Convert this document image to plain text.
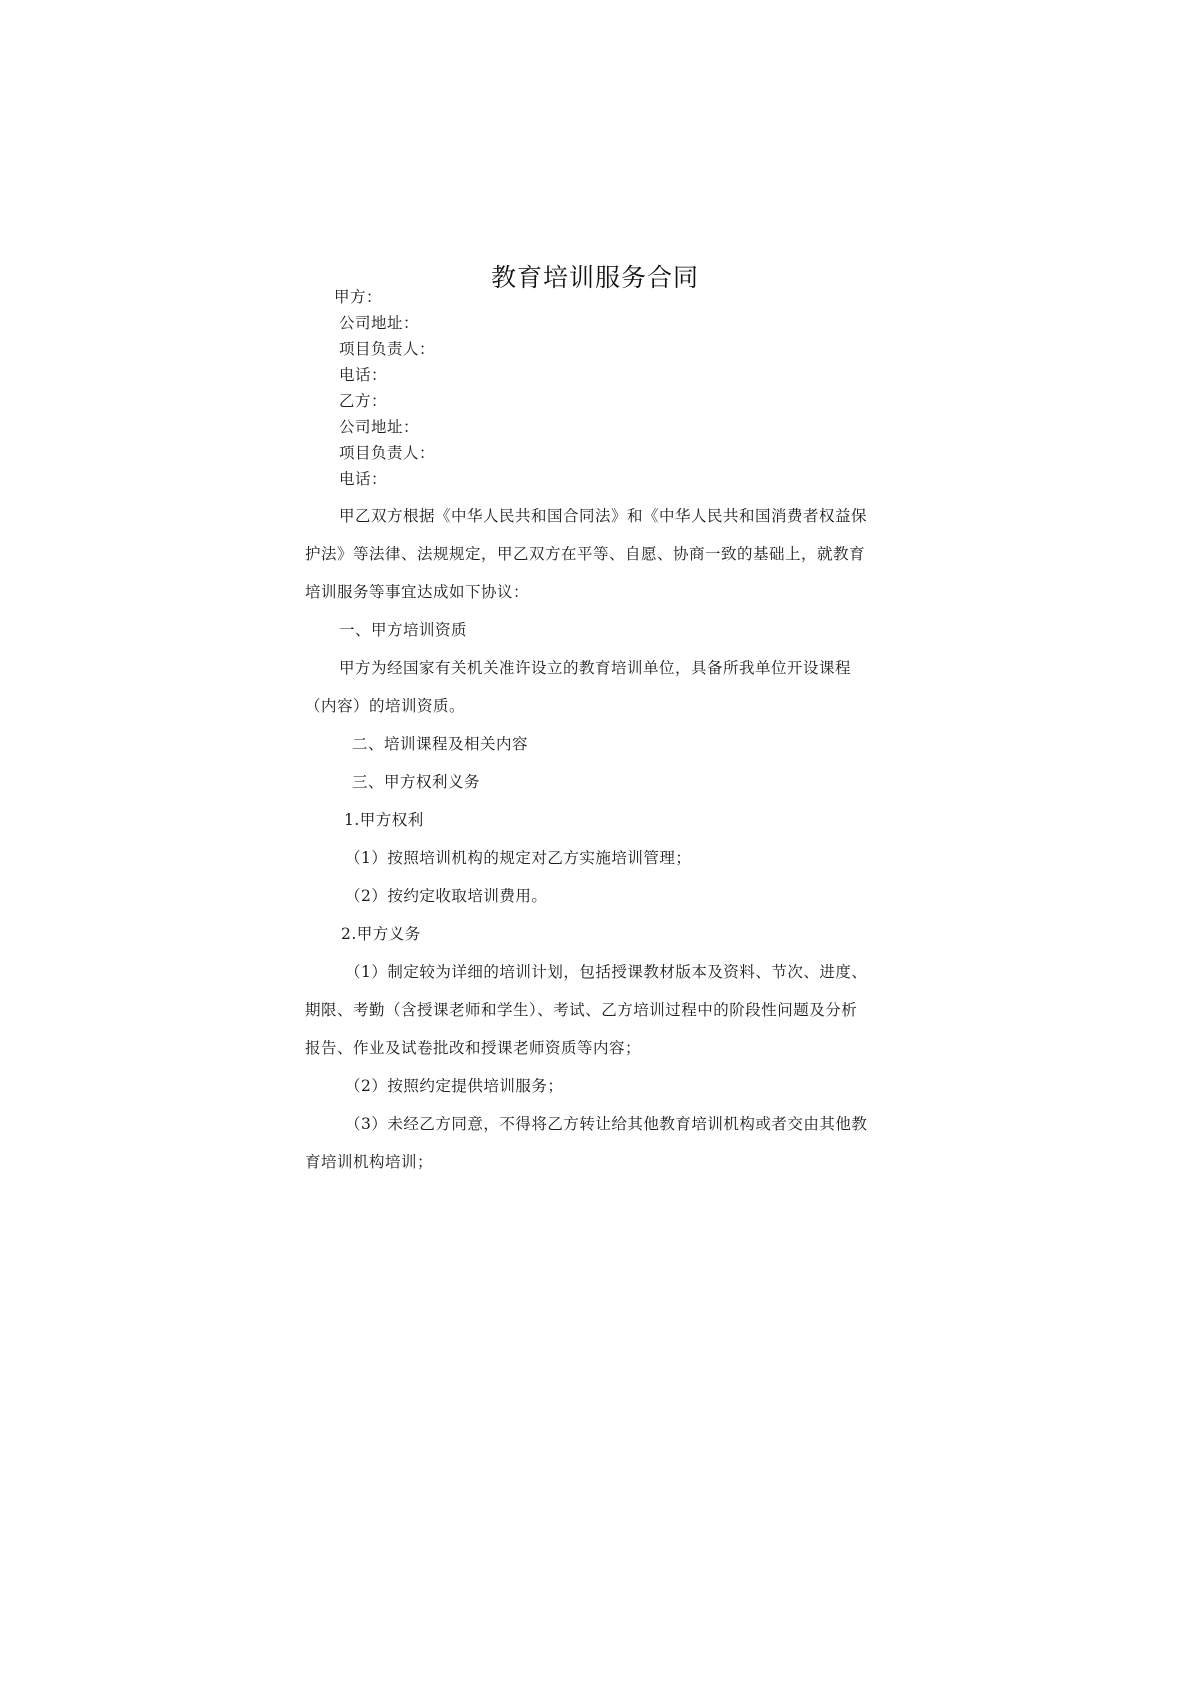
教育培训服务合同
甲方：
公司地址：
项目负责人：
电话：
乙方：
公司地址：
项目负责人：
电话：
甲乙双方根据《中华人民共和国合同法》和《中华人民共和国消费者权益保
护法》等法律、法规规定，甲乙双方在平等、自愿、协商一致的基础上，就教育
培训服务等事宜达成如下协议：
一、甲方培训资质
甲方为经国家有关机关准许设立的教育培训单位，具备所我单位开设课程
（内容）的培训资质。
二、培训课程及相关内容
三、甲方权利义务
1.甲方权利
（1）按照培训机构的规定对乙方实施培训管理；
（2）按约定收取培训费用。
2.甲方义务
（1）制定较为详细的培训计划，包括授课教材版本及资料、节次、进度、
期限、考勤（含授课老师和学生）、考试、乙方培训过程中的阶段性问题及分析
报告、作业及试卷批改和授课老师资质等内容；
（2）按照约定提供培训服务；
（3）未经乙方同意，不得将乙方转让给其他教育培训机构或者交由其他教
育培训机构培训；
